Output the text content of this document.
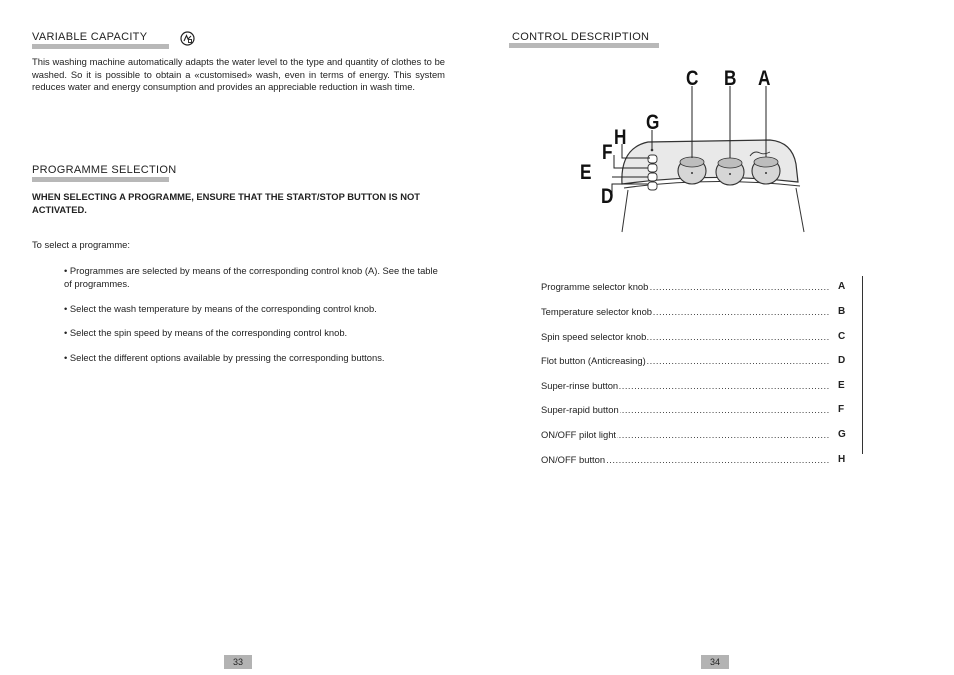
VARIABLE CAPACITY
This washing machine automatically adapts the water level to the type and quantity of clothes to be washed. So it is possible to obtain a «customised» wash, even in terms of energy. This system reduces water and energy consumption and provides an appreciable reduction in wash time.
PROGRAMME SELECTION
WHEN SELECTING A PROGRAMME, ENSURE THAT THE START/STOP BUTTON IS NOT ACTIVATED.
To select a programme:
• Programmes are selected by means of the corresponding control knob (A). See the table of programmes.
• Select the wash temperature by means of the corresponding control knob.
• Select the spin speed by means of the corresponding control knob.
• Select the different options available by pressing the corresponding buttons.
33
CONTROL DESCRIPTION
C B A
G
H
F
E
D
Programme selector knob .....	A
Temperature selector knob .....	B
Spin speed selector knob .....	C
Flot button (Anticreasing) .....	D
Super-rinse button .....	E
Super-rapid button .....	F
ON/OFF pilot light .....	G
ON/OFF button .....	H
34
